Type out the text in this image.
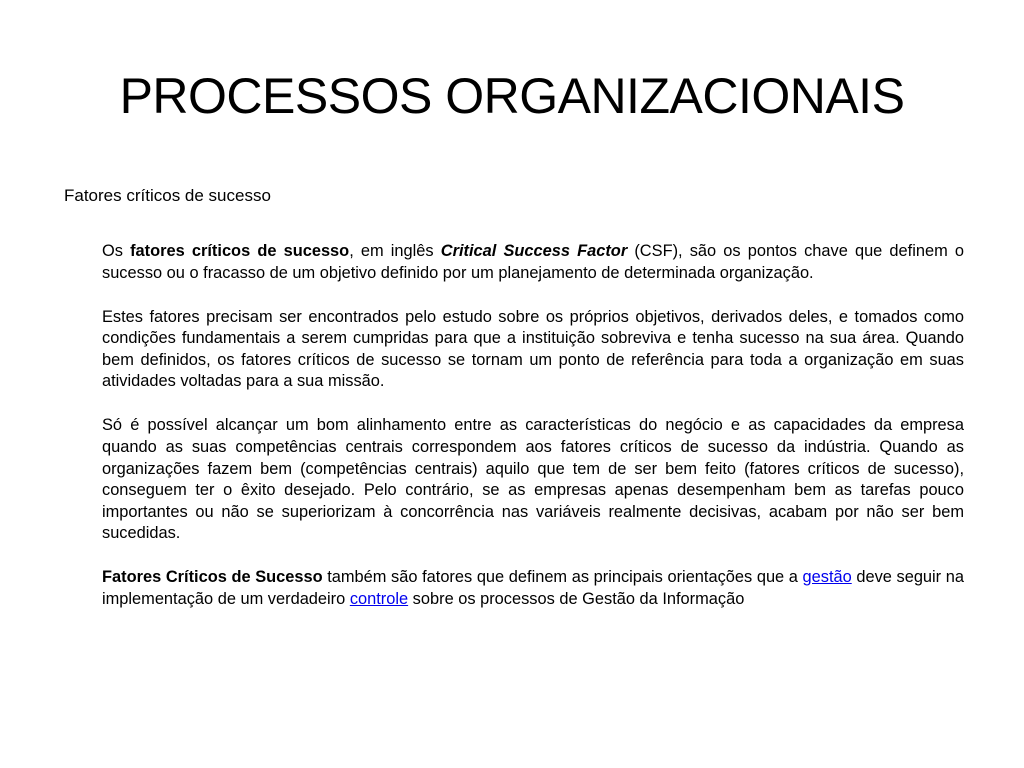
PROCESSOS ORGANIZACIONAIS

Fatores críticos de sucesso

Os fatores críticos de sucesso, em inglês Critical Success Factor (CSF), são os pontos chave que definem o sucesso ou o fracasso de um objetivo definido por um planejamento de determinada organização.

Estes fatores precisam ser encontrados pelo estudo sobre os próprios objetivos, derivados deles, e tomados como condições fundamentais a serem cumpridas para que a instituição sobreviva e tenha sucesso na sua área. Quando bem definidos, os fatores críticos de sucesso se tornam um ponto de referência para toda a organização em suas atividades voltadas para a sua missão.

Só é possível alcançar um bom alinhamento entre as características do negócio e as capacidades da empresa quando as suas competências centrais correspondem aos fatores críticos de sucesso da indústria. Quando as organizações fazem bem (competências centrais) aquilo que tem de ser bem feito (fatores críticos de sucesso), conseguem ter o êxito desejado. Pelo contrário, se as empresas apenas desempenham bem as tarefas pouco importantes ou não se superiorizam à concorrência nas variáveis realmente decisivas, acabam por não ser bem sucedidas.

Fatores Críticos de Sucesso também são fatores que definem as principais orientações que a gestão deve seguir na implementação de um verdadeiro controle sobre os processos de Gestão da Informação
